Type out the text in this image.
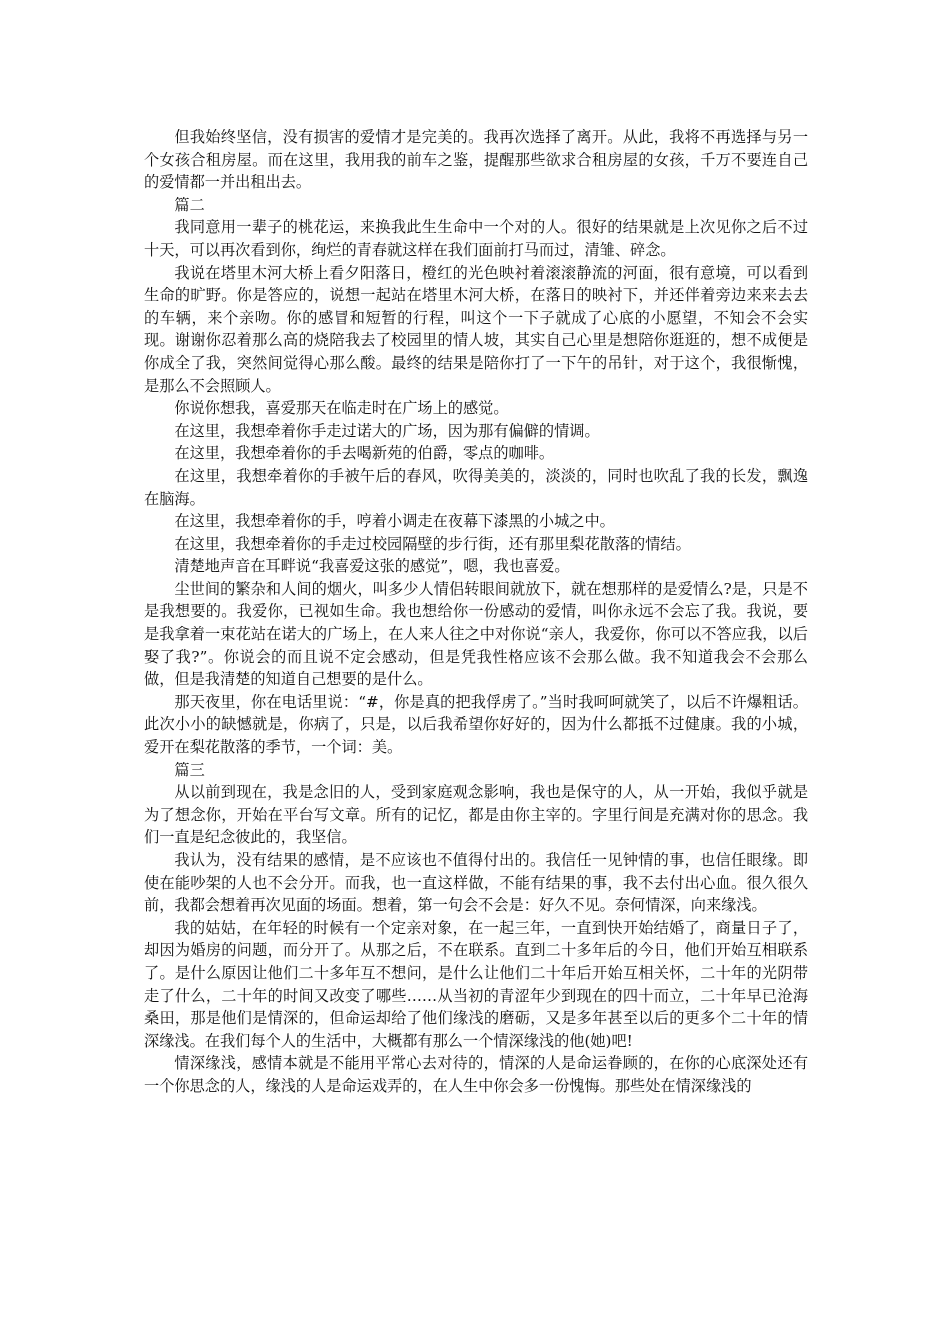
但我始终坚信，没有损害的爱情才是完美的。我再次选择了离开。从此，我将不再选择与另一个女孩合租房屋。而在这里，我用我的前车之鉴，提醒那些欲求合租房屋的女孩，千万不要连自己的爱情都一并出租出去。

篇二

我同意用一辈子的桃花运，来换我此生生命中一个对的人。很好的结果就是上次见你之后不过十天，可以再次看到你，绚烂的青春就这样在我们面前打马而过，清雏、碎念。

我说在塔里木河大桥上看夕阳落日，橙红的光色映衬着滚滚静流的河面，很有意境，可以看到生命的旷野。你是答应的，说想一起站在塔里木河大桥，在落日的映衬下，并还伴着旁边来来去去的车辆，来个亲吻。你的感冒和短暂的行程，叫这个一下子就成了心底的小愿望，不知会不会实现。谢谢你忍着那么高的烧陪我去了校园里的情人坡，其实自己心里是想陪你逛逛的，想不成便是你成全了我，突然间觉得心那么酸。最终的结果是陪你打了一下午的吊针，对于这个，我很惭愧，是那么不会照顾人。

你说你想我，喜爱那天在临走时在广场上的感觉。

在这里，我想牵着你手走过诺大的广场，因为那有偏僻的情调。

在这里，我想牵着你的手去喝新苑的伯爵，零点的咖啡。

在这里，我想牵着你的手被午后的春风，吹得美美的，淡淡的，同时也吹乱了我的长发，飘逸在脑海。

在这里，我想牵着你的手，哼着小调走在夜幕下漆黑的小城之中。

在这里，我想牵着你的手走过校园隔壁的步行街，还有那里梨花散落的情结。

清楚地声音在耳畔说“我喜爱这张的感觉”，嗯，我也喜爱。

尘世间的繁杂和人间的烟火，叫多少人情侣转眼间就放下，就在想那样的是爱情么?是，只是不是我想要的。我爱你，已视如生命。我也想给你一份感动的爱情，叫你永远不会忘了我。我说，要是我拿着一束花站在诺大的广场上，在人来人往之中对你说“亲人，我爱你，你可以不答应我，以后娶了我?”。你说会的而且说不定会感动，但是凭我性格应该不会那么做。我不知道我会不会那么做，但是我清楚的知道自己想要的是什么。

那天夜里，你在电话里说：“#，你是真的把我俘虏了。”当时我呵呵就笑了，以后不许爆粗话。此次小小的缺憾就是，你病了，只是，以后我希望你好好的，因为什么都抵不过健康。我的小城，爱开在梨花散落的季节，一个词：美。

篇三

从以前到现在，我是念旧的人，受到家庭观念影响，我也是保守的人，从一开始，我似乎就是为了想念你，开始在平台写文章。所有的记忆，都是由你主宰的。字里行间是充满对你的思念。我们一直是纪念彼此的，我坚信。

我认为，没有结果的感情，是不应该也不值得付出的。我信任一见钟情的事，也信任眼缘。即使在能吵架的人也不会分开。而我，也一直这样做，不能有结果的事，我不去付出心血。很久很久前，我都会想着再次见面的场面。想着，第一句会不会是：好久不见。奈何情深，向来缘浅。

我的姑姑，在年轻的时候有一个定亲对象，在一起三年，一直到快开始结婚了，商量日子了，却因为婚房的问题，而分开了。从那之后，不在联系。直到二十多年后的今日，他们开始互相联系了。是什么原因让他们二十多年互不想问，是什么让他们二十年后开始互相关怀，二十年的光阴带走了什么，二十年的时间又改变了哪些……从当初的青涩年少到现在的四十而立，二十年早已沧海桑田，那是他们是情深的，但命运却给了他们缘浅的磨砺，又是多年甚至以后的更多个二十年的情深缘浅。在我们每个人的生活中，大概都有那么一个情深缘浅的他(她)吧!

情深缘浅，感情本就是不能用平常心去对待的，情深的人是命运眷顾的，在你的心底深处还有一个你思念的人，缘浅的人是命运戏弄的，在人生中你会多一份愧悔。那些处在情深缘浅的
